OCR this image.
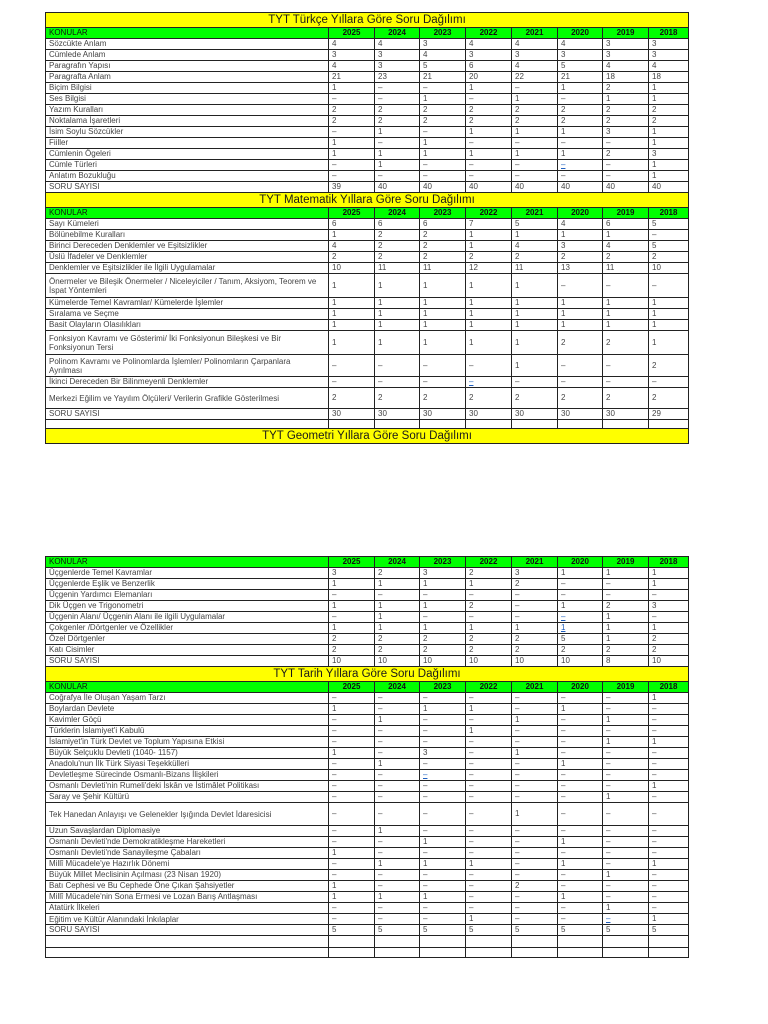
TYT Türkçe Yıllara Göre Soru Dağılımı								
KONULAR	2025	2024	2023	2022	2021	2020	2019	2018
Sözcükte Anlam	4	4	3	4	4	4	3	3
Cümlede Anlam	3	3	4	3	3	3	3	3
Paragrafın Yapısı	4	3	5	6	4	5	4	4
Paragrafta Anlam	21	23	21	20	22	21	18	18
Biçim Bilgisi	1	–	–	1	–	1	2	1
Ses Bilgisi	–	–	1	–	1	–	1	1
Yazım Kuralları	2	2	2	2	2	2	2	2
Noktalama İşaretleri	2	2	2	2	2	2	2	2
İsim Soylu Sözcükler	–	1	–	1	1	1	3	1
Fiiller	1	–	1	–	–	–	–	1
Cümlenin Ögeleri	1	1	1	1	1	1	2	3
Cümle Türleri	–	1	–	–	–	–	–	1
Anlatım Bozukluğu	–	–	–	–	–	–	–	1
SORU SAYISI	39	40	40	40	40	40	40	40
TYT Matematik Yıllara Göre Soru Dağılımı								
KONULAR	2025	2024	2023	2022	2021	2020	2019	2018
Sayı Kümeleri	6	6	6	7	5	4	6	5
Bölünebilme Kuralları	1	2	2	1	1	1	1	–
Birinci Dereceden Denklemler ve Eşitsizlikler	4	2	2	1	4	3	4	5
Üslü İfadeler ve Denklemler	2	2	2	2	2	2	2	2
Denklemler ve Eşitsizlikler ile İlgili Uygulamalar	10	11	11	12	11	13	11	10
Önermeler ve Bileşik Önermeler / Niceleyiciler / Tanım, Aksiyom, Teorem ve İspat Yöntemleri	1	1	1	1	1	–	–	–
Kümelerde Temel Kavramlar/ Kümelerde İşlemler	1	1	1	1	1	1	1	1
Sıralama ve Seçme	1	1	1	1	1	1	1	1
Basit Olayların Olasılıkları	1	1	1	1	1	1	1	1
Fonksiyon Kavramı ve Gösterimi/ İki Fonksiyonun Bileşkesi ve Bir Fonksiyonun Tersi	1	1	1	1	1	2	2	1
Polinom Kavramı ve Polinomlarda İşlemler/ Polinomların Çarpanlara Ayrılması	–	–	–	–	1	–	–	2
İkinci Dereceden Bir Bilinmeyenli Denklemler	–	–	–	–	–	–	–	–
Merkezi Eğilim ve Yayılım Ölçüleri/ Verilerin Grafikle Gösterilmesi	2	2	2	2	2	2	2	2
SORU SAYISI	30	30	30	30	30	30	30	29

TYT Geometri Yıllara Göre Soru Dağılımı								
KONULAR	2025	2024	2023	2022	2021	2020	2019	2018
Üçgenlerde Temel Kavramlar	3	2	3	2	3	1	1	1
Üçgenlerde Eşlik ve Benzerlik	1	1	1	1	2	–	–	1
Üçgenin Yardımcı Elemanları	–	–	–	–	–	–	–	–
Dik Üçgen ve Trigonometri	1	1	1	2	–	1	2	3
Üçgenin Alanı/ Üçgenin Alanı ile ilgili Uygulamalar	–	1	–	–	–	–	1	–
Çokgenler /Dörtgenler ve Özellikler	1	1	1	1	1	1	1	1
Özel Dörtgenler	2	2	2	2	2	5	1	2
Katı Cisimler	2	2	2	2	2	2	2	2
SORU SAYISI	10	10	10	10	10	10	8	10
TYT Tarih Yıllara Göre Soru Dağılımı								
KONULAR	2025	2024	2023	2022	2021	2020	2019	2018
Coğrafya İle Oluşan Yaşam Tarzı	–	–	–	–	–	–	–	1
Boylardan Devlete	1	–	1	1	–	1	–	–
Kavimler Göçü	–	1	–	–	1	–	1	–
Türklerin İslamiyet'i Kabulü	–	–	–	1	–	–	–	–
İslamiyet'in Türk Devlet ve Toplum Yapısına Etkisi	–	–	–	–	–	–	1	1
Büyük Selçuklu Devleti (1040- 1157)	1	–	3	–	1	–	–	–
Anadolu'nun İlk Türk Siyasi Teşekkülleri	–	1	–	–	–	1	–	–
Devletleşme Sürecinde Osmanlı-Bizans İlişkileri	–	–	–	–	–	–	–	–
Osmanlı Devleti'nin Rumeli'deki İskân ve İstimâlet Politikası	–	–	–	–	–	–	–	1
Saray ve Şehir Kültürü	–	–	–	–	–	–	1	–
Tek Hanedan Anlayışı ve Gelenekler Işığında Devlet İdaresicisi	–	–	–	–	1	–	–	–
Uzun Savaşlardan Diplomasiye	–	1	–	–	–	–	–	–
Osmanlı Devleti'nde Demokratikleşme Hareketleri	–	–	1	–	–	1	–	–
Osmanlı Devleti'nde Sanayileşme Çabaları	1	–	–	–	–	–	–	–
Millî Mücadele'ye Hazırlık Dönemi	–	1	1	1	–	1	–	1
Büyük Millet Meclisinin Açılması (23 Nisan 1920)	–	–	–	–	–	–	1	–
Batı Cephesi ve Bu Cephede Öne Çıkan Şahsiyetler	1	–	–	–	2	–	–	–
Millî Mücadele'nin Sona Ermesi ve Lozan Barış Antlaşması	1	1	1	–	–	1	–	–
Atatürk İlkeleri	–	–	–	–	–	–	1	–
Eğitim ve Kültür Alanındaki İnkılaplar	–	–	–	1	–	–	–	1
SORU SAYISI	5	5	5	5	5	5	5	5
